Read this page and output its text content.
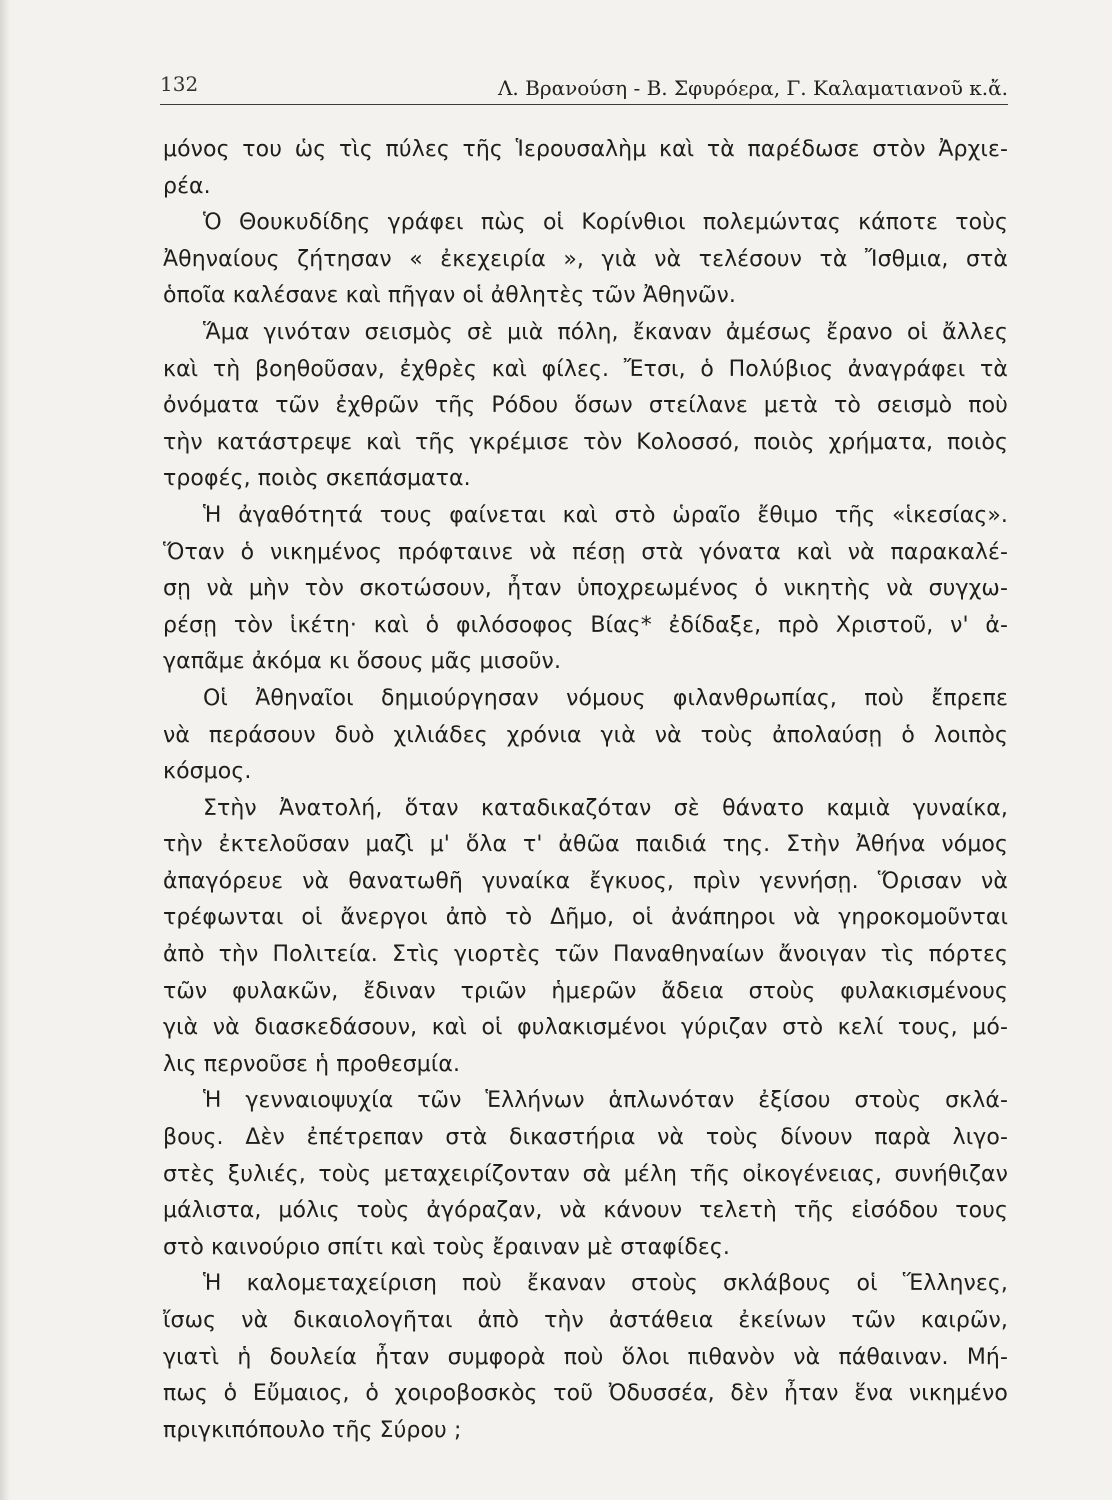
132	Λ. Βρανούση - Β. Σφυρόερα, Γ. Καλαματιανοῦ κ.ἄ.
μόνος του ὡς τὶς πύλες τῆς Ἱερουσαλὴμ καὶ τὰ παρέδωσε στὸν Ἀρχιε-
ρέα.
Ὁ Θουκυδίδης γράφει πὼς οἱ Κορίνθιοι πολεμώντας κάποτε τοὺς
Ἀθηναίους ζήτησαν « ἐκεχειρία », γιὰ νὰ τελέσουν τὰ Ἴσθμια, στὰ
ὁποῖα καλέσανε καὶ πῆγαν οἱ ἀθλητὲς τῶν Ἀθηνῶν.
Ἅμα γινόταν σεισμὸς σὲ μιὰ πόλη, ἔκαναν ἀμέσως ἔρανο οἱ ἄλλες
καὶ τὴ βοηθοῦσαν, ἐχθρὲς καὶ φίλες. Ἔτσι, ὁ Πολύβιος ἀναγράφει τὰ
ὀνόματα τῶν ἐχθρῶν τῆς Ρόδου ὅσων στείλανε μετὰ τὸ σεισμὸ ποὺ
τὴν κατάστρεψε καὶ τῆς γκρέμισε τὸν Κολοσσό, ποιὸς χρήματα, ποιὸς
τροφές, ποιὸς σκεπάσματα.
Ἡ ἀγαθότητά τους φαίνεται καὶ στὸ ὡραῖο ἔθιμο τῆς «ἱκεσίας».
Ὅταν ὁ νικημένος πρόφταινε νὰ πέσῃ στὰ γόνατα καὶ νὰ παρακαλέ-
σῃ νὰ μὴν τὸν σκοτώσουν, ἦταν ὑποχρεωμένος ὁ νικητὴς νὰ συγχω-
ρέσῃ τὸν ἱκέτη· καὶ ὁ φιλόσοφος Βίας* ἐδίδαξε, πρὸ Χριστοῦ, ν' ἀ-
γαπᾶμε ἀκόμα κι ὅσους μᾶς μισοῦν.
Οἱ Ἀθηναῖοι δημιούργησαν νόμους φιλανθρωπίας, ποὺ ἔπρεπε
νὰ περάσουν δυὸ χιλιάδες χρόνια γιὰ νὰ τοὺς ἀπολαύσῃ ὁ λοιπὸς
κόσμος.
Στὴν Ἀνατολή, ὅταν καταδικαζόταν σὲ θάνατο καμιὰ γυναίκα,
τὴν ἐκτελοῦσαν μαζὶ μ' ὅλα τ' ἀθῶα παιδιά της. Στὴν Ἀθήνα νόμος
ἀπαγόρευε νὰ θανατωθῆ γυναίκα ἔγκυος, πρὶν γεννήσῃ. Ὅρισαν νὰ
τρέφωνται οἱ ἄνεργοι ἀπὸ τὸ Δῆμο, οἱ ἀνάπηροι νὰ γηροκομοῦνται
ἀπὸ τὴν Πολιτεία. Στὶς γιορτὲς τῶν Παναθηναίων ἄνοιγαν τὶς πόρτες
τῶν φυλακῶν, ἔδιναν τριῶν ἡμερῶν ἄδεια στοὺς φυλακισμένους
γιὰ νὰ διασκεδάσουν, καὶ οἱ φυλακισμένοι γύριζαν στὸ κελί τους, μό-
λις περνοῦσε ἡ προθεσμία.
Ἡ γενναιοψυχία τῶν Ἑλλήνων ἁπλωνόταν ἐξίσου στοὺς σκλά-
βους. Δὲν ἐπέτρεπαν στὰ δικαστήρια νὰ τοὺς δίνουν παρὰ λιγο-
στὲς ξυλιές, τοὺς μεταχειρίζονταν σὰ μέλη τῆς οἰκογένειας, συνήθιζαν
μάλιστα, μόλις τοὺς ἀγόραζαν, νὰ κάνουν τελετὴ τῆς εἰσόδου τους
στὸ καινούριο σπίτι καὶ τοὺς ἔραιναν μὲ σταφίδες.
Ἡ καλομεταχείριση ποὺ ἔκαναν στοὺς σκλάβους οἱ Ἕλληνες,
ἴσως νὰ δικαιολογῆται ἀπὸ τὴν ἀστάθεια ἐκείνων τῶν καιρῶν,
γιατὶ ἡ δουλεία ἦταν συμφορὰ ποὺ ὅλοι πιθανὸν νὰ πάθαιναν. Μή-
πως ὁ Εὔμαιος, ὁ χοιροβοσκὸς τοῦ Ὀδυσσέα, δὲν ἦταν ἕνα νικημένο
πριγκιπόπουλο τῆς Σύρου ;
